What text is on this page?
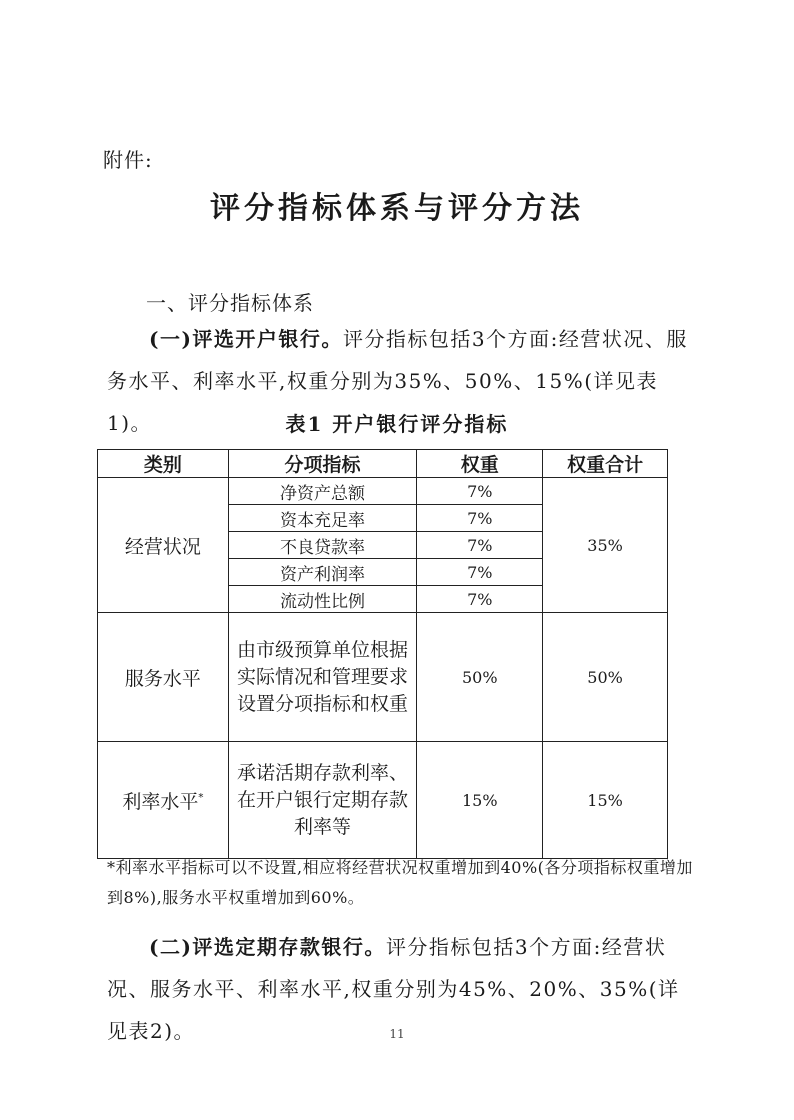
附件:
评分指标体系与评分方法
一、评分指标体系
(一)评选开户银行。评分指标包括3个方面:经营状况、服务水平、利率水平,权重分别为35%、50%、15%(详见表1)。	表1 开户银行评分指标
类别	分项指标	权重	权重合计
经营状况	净资产总额	7%	35%
	资本充足率	7%	
	不良贷款率	7%	
	资产利润率	7%	
	流动性比例	7%	
服务水平	由市级预算单位根据实际情况和管理要求设置分项指标和权重	50%	50%
利率水平*	承诺活期存款利率、在开户银行定期存款利率等	15%	15%
*利率水平指标可以不设置,相应将经营状况权重增加到40%(各分项指标权重增加到8%),服务水平权重增加到60%。
(二)评选定期存款银行。评分指标包括3个方面:经营状况、服务水平、利率水平,权重分别为45%、20%、35%(详见表2)。	11
